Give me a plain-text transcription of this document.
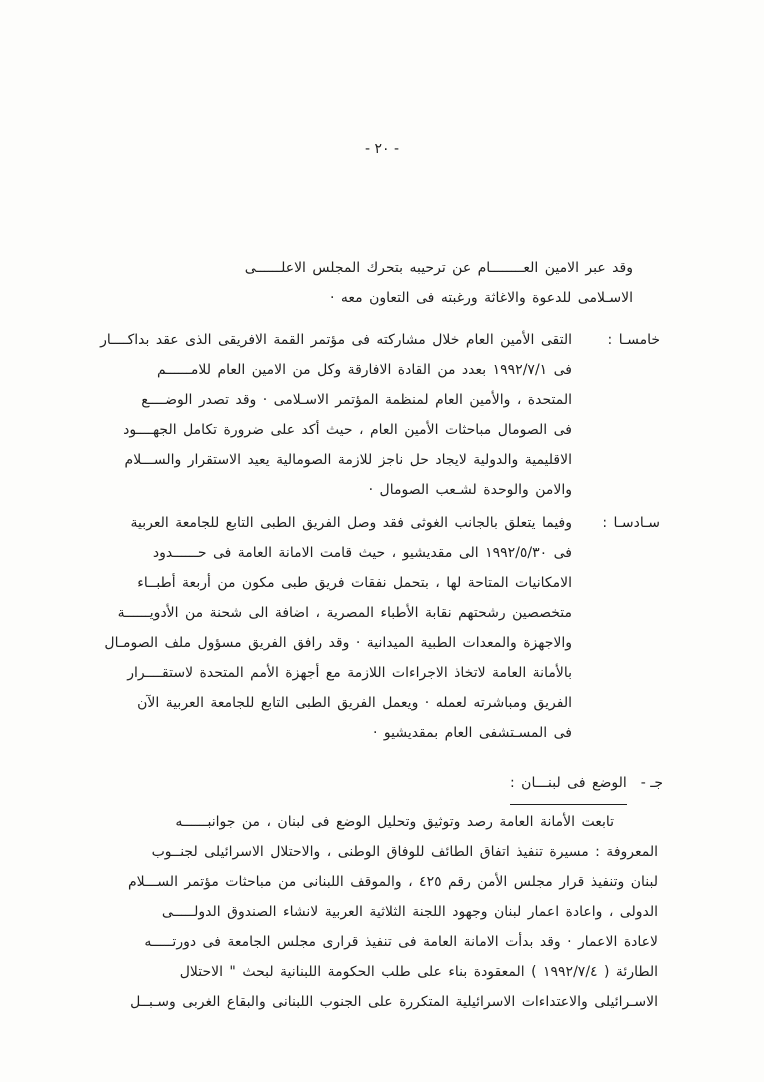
- ٢٠ -
وقد عبر الامين العــــــــام عن ترحيبه بتحرك المجلس الاعلــــــى
الاسـلامى للدعوة والاغاثة ورغبته فى التعاون معه ·
خامسـا :
التقى الأمين العام خلال مشاركته فى مؤتمر القمة الافريقى الذى عقد بداكــــار
فى ١٩٩٢/٧/١ بعدد من القادة الافارقة وكل من الامين العام للامــــــم
المتحدة ، والأمين العام لمنظمة المؤتمر الاسـلامى · وقد تصدر الوضــــع
فى الصومال مباحثات الأمين العام ، حيث أكد على ضرورة تكامل الجهــــود
الاقليمية والدولية لايجاد حل ناجز للازمة الصومالية يعيد الاستقرار والســـلام
والامن والوحدة لشـعب الصومال ·
سـادسـا :
وفيما يتعلق بالجانب الغوثى فقد وصل الفريق الطبى التابع للجامعة العربية
فى ١٩٩٢/٥/٣٠ الى مقديشيو ، حيث قامت الامانة العامة فى حــــــدود
الامكانيات المتاحة لها ، بتحمل نفقات فريق طبى مكون من أربعة أطبــاء
متخصصين رشحتهم نقابة الأطباء المصرية ، اضافة الى شحنة من الأدويــــــة
والاجهزة والمعدات الطبية الميدانية · وقد رافق الفريق مسؤول ملف الصومـال
بالأمانة العامة لاتخاذ الاجراءات اللازمة مع أجهزة الأمم المتحدة لاستقــــرار
الفريق ومباشرته لعمله · ويعمل الفريق الطبى التابع للجامعة العربية الآن
فى المسـتشفى العام بمقديشيو ·
جـ -
الوضع فى لبنـــان :
تابعت الأمانة العامة رصد وتوثيق وتحليل الوضع فى لبنان ، من جوانبــــــه
المعروفة : مسيرة تنفيذ اتفاق الطائف للوفاق الوطنى ، والاحتلال الاسرائيلى لجنــوب
لبنان وتنفيذ قرار مجلس الأمن رقم ٤٢٥ ، والموقف اللبنانى من مباحثات مؤتمر الســـلام
الدولى ، واعادة اعمار لبنان وجهود اللجنة الثلاثية العربية لانشاء الصندوق الدولـــــى
لاعادة الاعمار · وقد بدأت الامانة العامة فى تنفيذ قرارى مجلس الجامعة فى دورتـــــه
الطارئة ( ١٩٩٢/٧/٤ ) المعقودة بناء على طلب الحكومة اللبنانية لبحث " الاحتلال
الاسـرائيلى والاعتداءات الاسرائيلية المتكررة على الجنوب اللبنانى والبقاع الغربى وسـبــل
